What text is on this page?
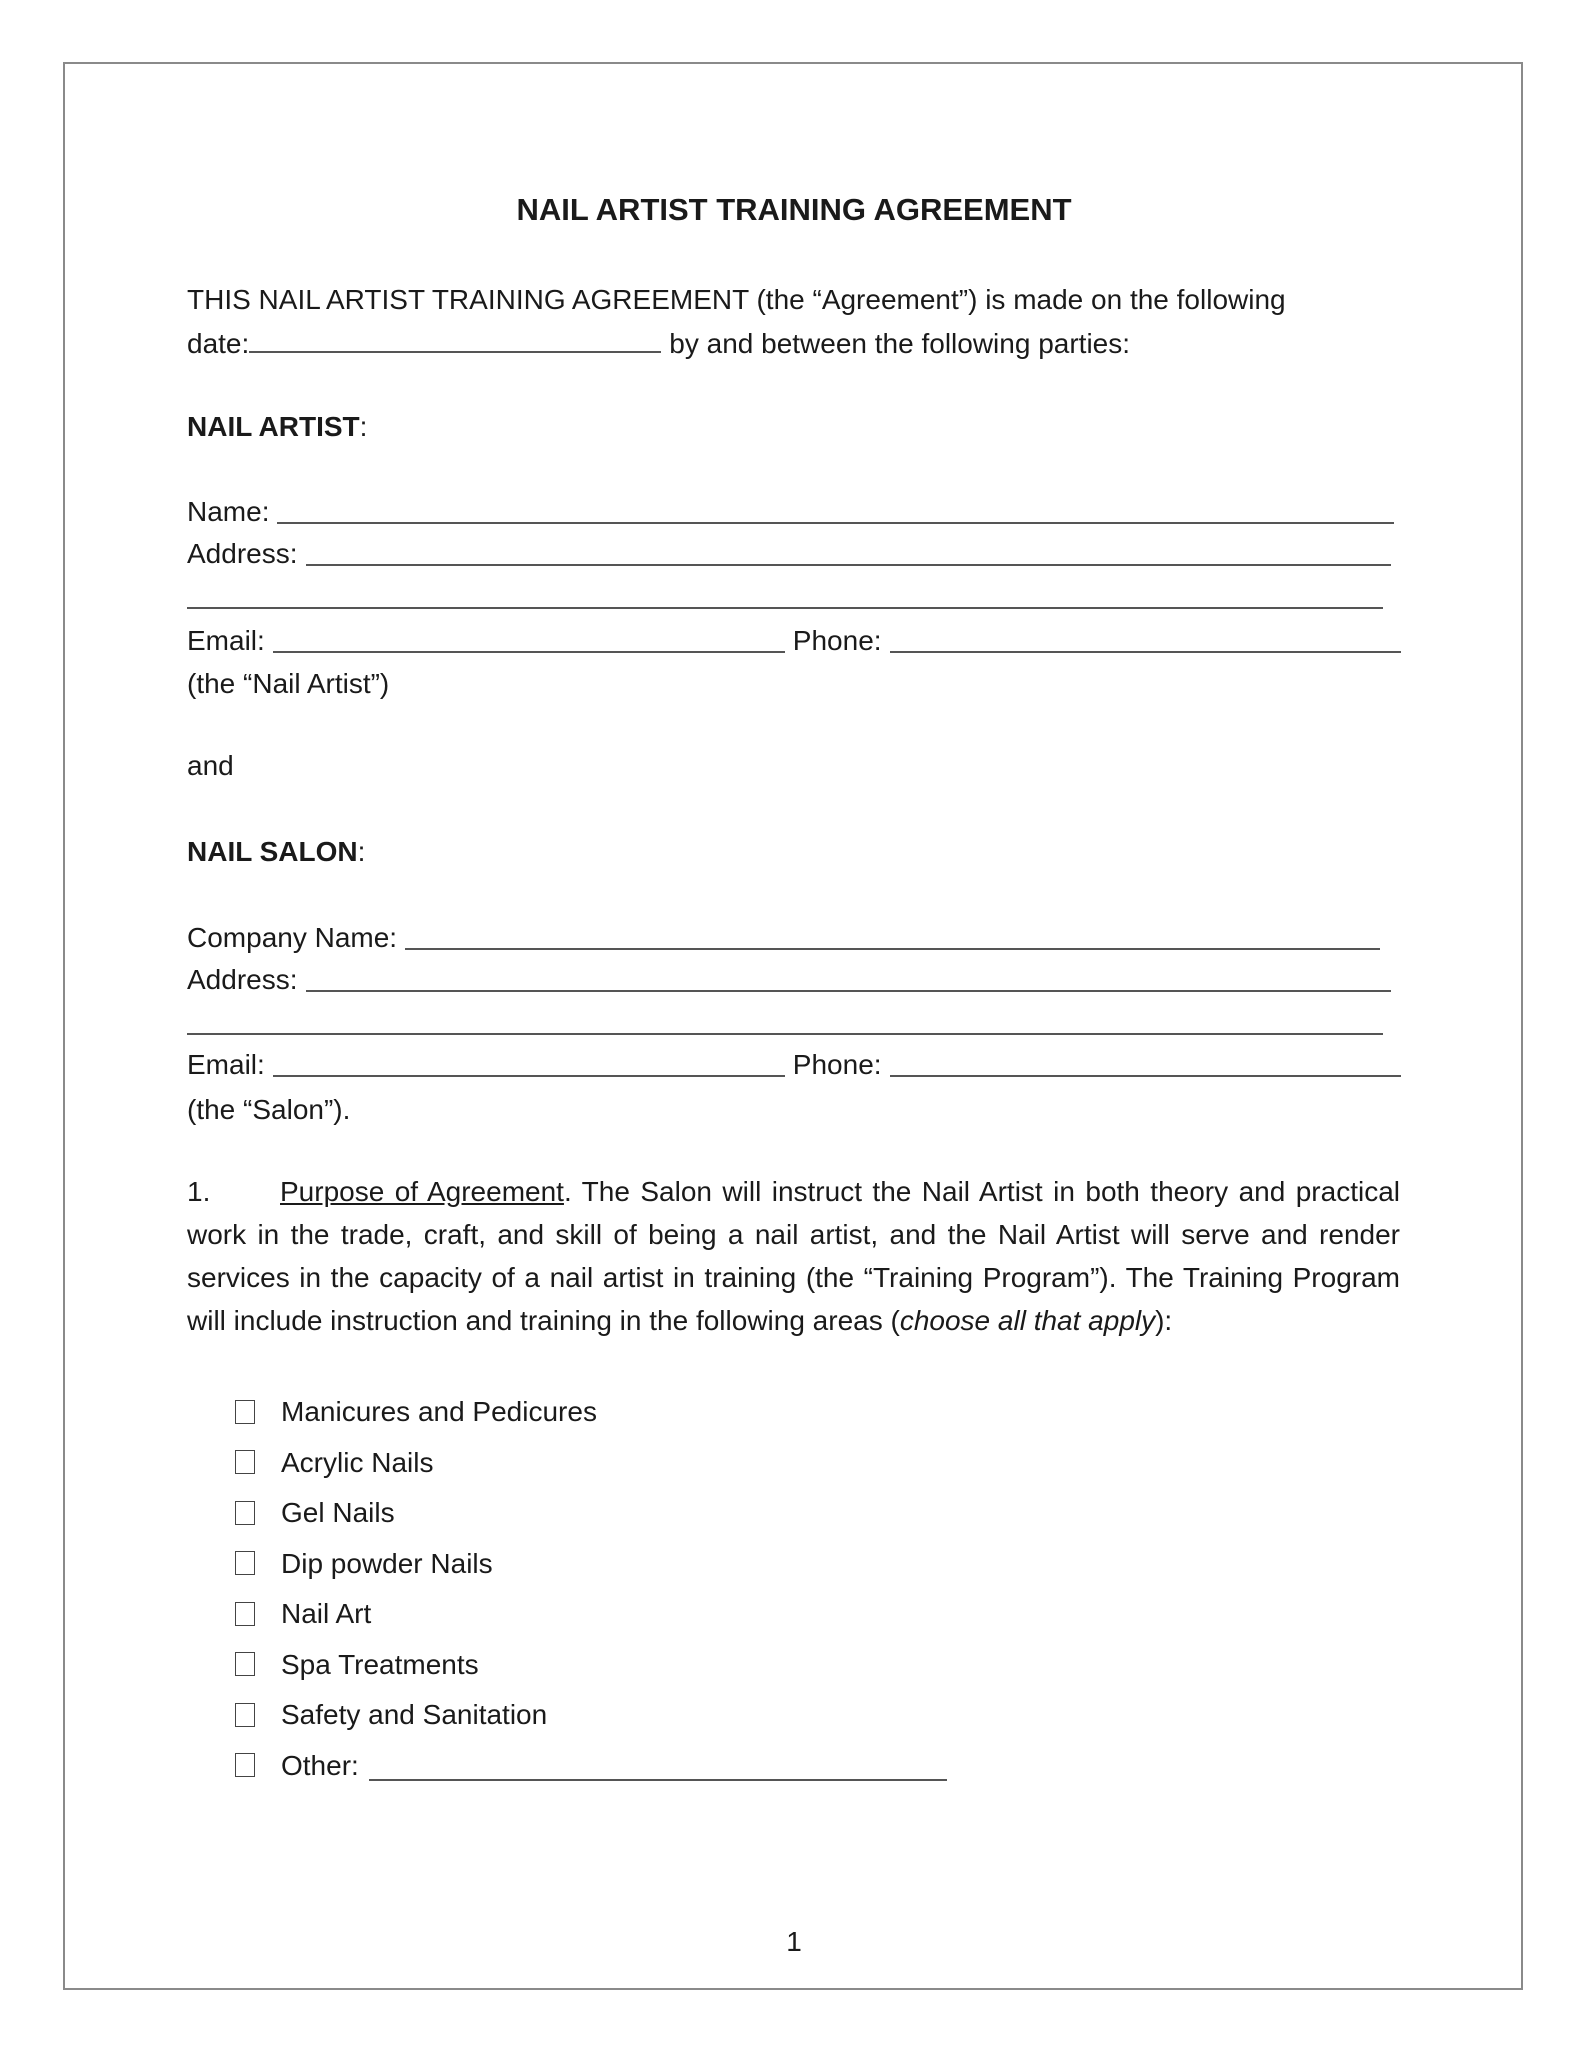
NAIL ARTIST TRAINING AGREEMENT
THIS NAIL ARTIST TRAINING AGREEMENT (the “Agreement”) is made on the following
date:	by and between the following parties:
NAIL ARTIST:
Name:
Address:
Email:	Phone:
(the “Nail Artist”)
and
NAIL SALON:
Company Name:
Address:
Email:	Phone:
(the “Salon”).
1. Purpose of Agreement. The Salon will instruct the Nail Artist in both theory and practical work in the trade, craft, and skill of being a nail artist, and the Nail Artist will serve and render services in the capacity of a nail artist in training (the “Training Program”). The Training Program will include instruction and training in the following areas (choose all that apply):
Manicures and Pedicures
Acrylic Nails
Gel Nails
Dip powder Nails
Nail Art
Spa Treatments
Safety and Sanitation
Other:
1
